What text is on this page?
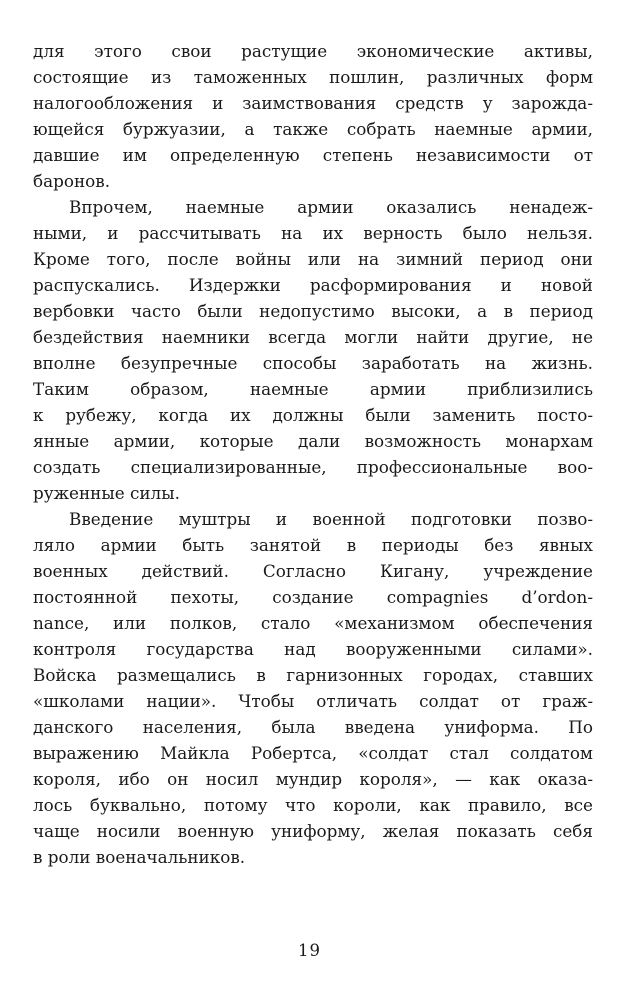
для этого свои растущие экономические активы,
состоящие из таможенных пошлин, различных форм
налогообложения и заимствования средств у зарожда-
ющейся буржуазии, а также собрать наемные армии,
давшие им определенную степень независимости от
баронов.
Впрочем, наемные армии оказались ненадеж-
ными, и рассчитывать на их верность было нельзя.
Кроме того, после войны или на зимний период они
распускались. Издержки расформирования и новой
вербовки часто были недопустимо высоки, а в период
бездействия наемники всегда могли найти другие, не
вполне безупречные способы заработать на жизнь.
Таким образом, наемные армии приблизились
к рубежу, когда их должны были заменить посто-
янные армии, которые дали возможность монархам
создать специализированные, профессиональные воо-
руженные силы.
Введение муштры и военной подготовки позво-
ляло армии быть занятой в периоды без явных
военных действий. Согласно Кигану, учреждение
постоянной пехоты, создание compagnies d’ordon-
nance, или полков, стало «механизмом обеспечения
контроля государства над вооруженными силами».
Войска размещались в гарнизонных городах, ставших
«школами нации». Чтобы отличать солдат от граж-
данского населения, была введена униформа. По
выражению Майкла Робертса, «солдат стал солдатом
короля, ибо он носил мундир короля», — как оказа-
лось буквально, потому что короли, как правило, все
чаще носили военную униформу, желая показать себя
в роли военачальников.
19
